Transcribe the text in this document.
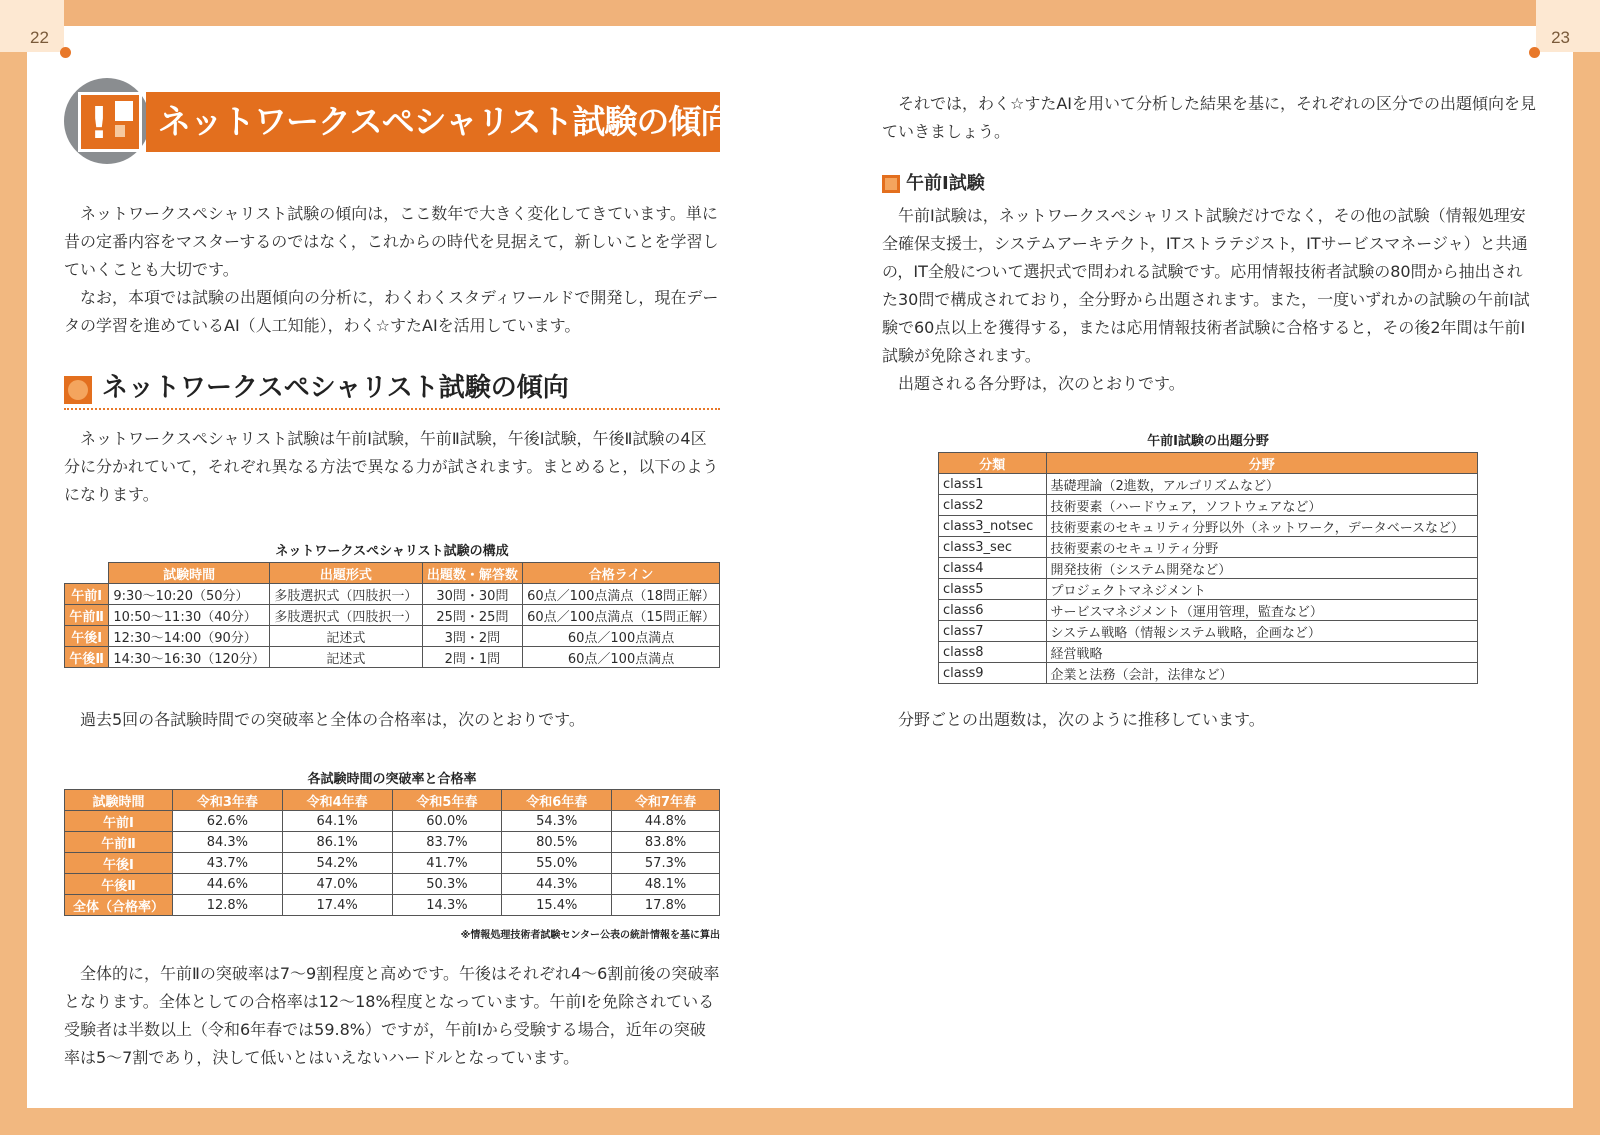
22	23
! ネットワークスペシャリスト試験の傾向と対策
ネットワークスペシャリスト試験の傾向は，ここ数年で大きく変化してきています。単に昔の定番内容をマスターするのではなく，これからの時代を見据えて，新しいことを学習していくことも大切です。
なお，本項では試験の出題傾向の分析に，わくわくスタディワールドで開発し，現在データの学習を進めているAI（人工知能），わく☆すたAIを活用しています。
ネットワークスペシャリスト試験の傾向
ネットワークスペシャリスト試験は午前Ⅰ試験，午前Ⅱ試験，午後Ⅰ試験，午後Ⅱ試験の4区分に分かれていて，それぞれ異なる方法で異なる力が試されます。まとめると，以下のようになります。
ネットワークスペシャリスト試験の構成
	試験時間	出題形式	出題数・解答数	合格ライン
午前Ⅰ	9:30～10:20（50分）	多肢選択式（四肢択一）	30問・30問	60点／100点満点（18問正解）
午前Ⅱ	10:50～11:30（40分）	多肢選択式（四肢択一）	25問・25問	60点／100点満点（15問正解）
午後Ⅰ	12:30～14:00（90分）	記述式	3問・2問	60点／100点満点
午後Ⅱ	14:30～16:30（120分）	記述式	2問・1問	60点／100点満点
過去5回の各試験時間での突破率と全体の合格率は，次のとおりです。
各試験時間の突破率と合格率
試験時間	令和3年春	令和4年春	令和5年春	令和6年春	令和7年春
午前Ⅰ	62.6%	64.1%	60.0%	54.3%	44.8%
午前Ⅱ	84.3%	86.1%	83.7%	80.5%	83.8%
午後Ⅰ	43.7%	54.2%	41.7%	55.0%	57.3%
午後Ⅱ	44.6%	47.0%	50.3%	44.3%	48.1%
全体（合格率）	12.8%	17.4%	14.3%	15.4%	17.8%
※情報処理技術者試験センター公表の統計情報を基に算出
全体的に，午前Ⅱの突破率は7～9割程度と高めです。午後はそれぞれ4～6割前後の突破率となります。全体としての合格率は12～18%程度となっています。午前Ⅰを免除されている受験者は半数以上（令和6年春では59.8%）ですが，午前Ⅰから受験する場合，近年の突破率は5～7割であり，決して低いとはいえないハードルとなっています。
それでは，わく☆すたAIを用いて分析した結果を基に，それぞれの区分での出題傾向を見ていきましょう。
午前Ⅰ試験
午前Ⅰ試験は，ネットワークスペシャリスト試験だけでなく，その他の試験（情報処理安全確保支援士，システムアーキテクト，ITストラテジスト，ITサービスマネージャ）と共通の，IT全般について選択式で問われる試験です。応用情報技術者試験の80問から抽出された30問で構成されており，全分野から出題されます。また，一度いずれかの試験の午前Ⅰ試験で60点以上を獲得する，または応用情報技術者試験に合格すると，その後2年間は午前Ⅰ試験が免除されます。
出題される各分野は，次のとおりです。
午前Ⅰ試験の出題分野
分類	分野
class1	基礎理論（2進数，アルゴリズムなど）
class2	技術要素（ハードウェア，ソフトウェアなど）
class3_notsec	技術要素のセキュリティ分野以外（ネットワーク，データベースなど）
class3_sec	技術要素のセキュリティ分野
class4	開発技術（システム開発など）
class5	プロジェクトマネジメント
class6	サービスマネジメント（運用管理，監査など）
class7	システム戦略（情報システム戦略，企画など）
class8	経営戦略
class9	企業と法務（会計，法律など）
分野ごとの出題数は，次のように推移しています。
